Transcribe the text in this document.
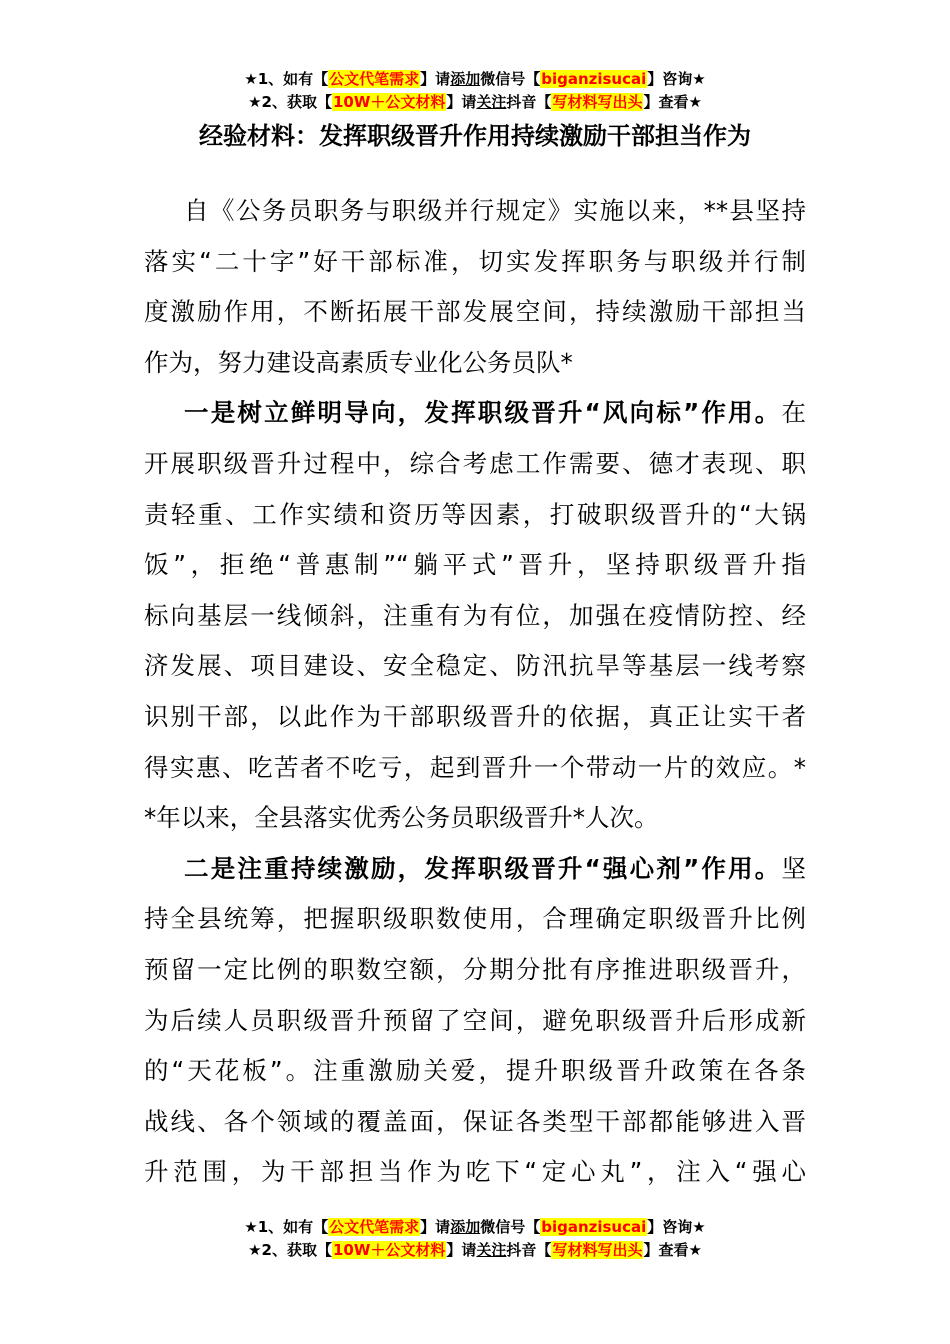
★1、如有【公文代笔需求】请添加微信号【biganzisucai】咨询★
★2、获取【10W＋公文材料】请关注抖音【写材料写出头】查看★
经验材料：发挥职级晋升作用持续激励干部担当作为
自《公务员职务与职级并行规定》实施以来，**县坚持
落实“二十字”好干部标准，切实发挥职务与职级并行制
度激励作用，不断拓展干部发展空间，持续激励干部担当
作为，努力建设高素质专业化公务员队*
一是树立鲜明导向，发挥职级晋升“风向标”作用。在
开展职级晋升过程中，综合考虑工作需要、德才表现、职
责轻重、工作实绩和资历等因素，打破职级晋升的“大锅
饭”，拒绝“普惠制”“躺平式”晋升，坚持职级晋升指
标向基层一线倾斜，注重有为有位，加强在疫情防控、经
济发展、项目建设、安全稳定、防汛抗旱等基层一线考察
识别干部，以此作为干部职级晋升的依据，真正让实干者
得实惠、吃苦者不吃亏，起到晋升一个带动一片的效应。*
*年以来，全县落实优秀公务员职级晋升*人次。
二是注重持续激励，发挥职级晋升“强心剂”作用。坚
持全县统筹，把握职级职数使用，合理确定职级晋升比例
预留一定比例的职数空额，分期分批有序推进职级晋升，
为后续人员职级晋升预留了空间，避免职级晋升后形成新
的“天花板”。注重激励关爱，提升职级晋升政策在各条
战线、各个领域的覆盖面，保证各类型干部都能够进入晋
升范围，为干部担当作为吃下“定心丸”，注入“强心
★1、如有【公文代笔需求】请添加微信号【biganzisucai】咨询★
★2、获取【10W＋公文材料】请关注抖音【写材料写出头】查看★
